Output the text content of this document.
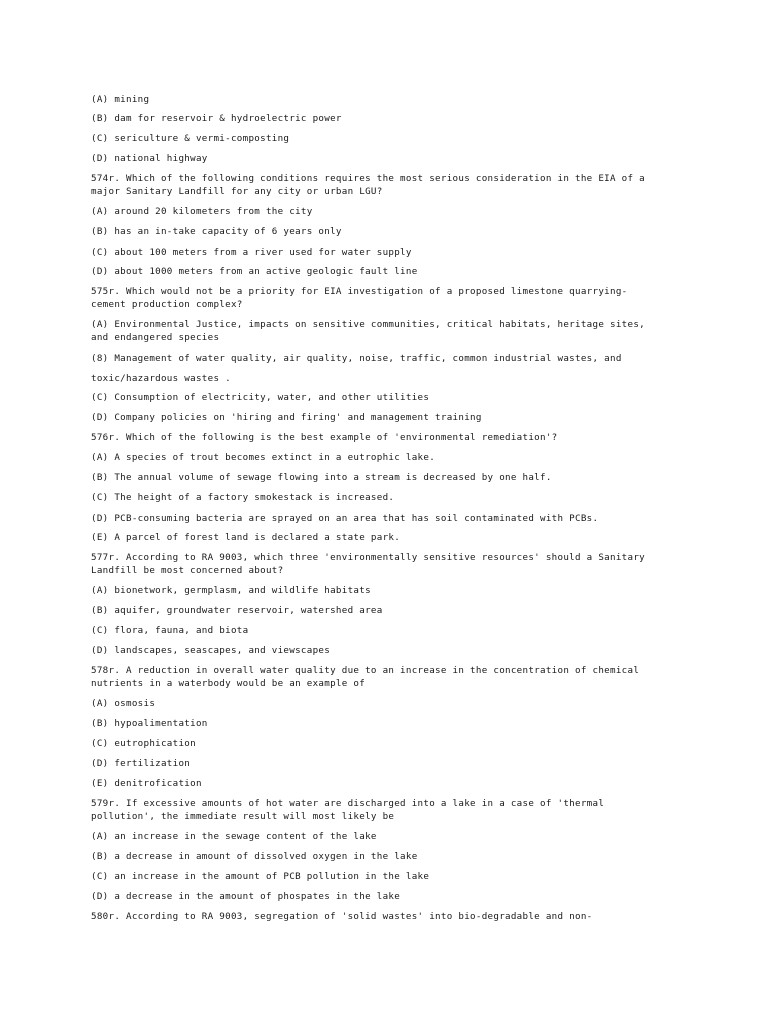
(A) mining

(B) dam for reservoir & hydroelectric power

(C) sericulture & vermi-composting

(D) national highway

574r. Which of the following conditions requires the most serious consideration in the EIA of a

major Sanitary Landfill for any city or urban LGU?

(A) around 20 kilometers from the city

(B) has an in-take capacity of 6 years only

(C) about 100 meters from a river used for water supply

(D) about 1000 meters from an active geologic fault line

575r. Which would not be a priority for EIA investigation of a proposed limestone quarrying-

cement production complex?

(A) Environmental Justice, impacts on sensitive communities, critical habitats, heritage sites,

and endangered species

(8) Management of water quality, air quality, noise, traffic, common industrial wastes, and

toxic/hazardous wastes .

(C) Consumption of electricity, water, and other utilities

(D) Company policies on 'hiring and firing' and management training

576r. Which of the following is the best example of 'environmental remediation'?

(A) A species of trout becomes extinct in a eutrophic lake.

(B) The annual volume of sewage flowing into a stream is decreased by one half.

(C) The height of a factory smokestack is increased.

(D) PCB-consuming bacteria are sprayed on an area that has soil contaminated with PCBs.

(E) A parcel of forest land is declared a state park.

577r. According to RA 9003, which three 'environmentally sensitive resources' should a Sanitary

Landfill be most concerned about?

(A) bionetwork, germplasm, and wildlife habitats

(B) aquifer, groundwater reservoir, watershed area

(C) flora, fauna, and biota

(D) landscapes, seascapes, and viewscapes

578r. A reduction in overall water quality due to an increase in the concentration of chemical

nutrients in a waterbody would be an example of

(A) osmosis

(B) hypoalimentation

(C) eutrophication

(D) fertilization

(E) denitrofication

579r. If excessive amounts of hot water are discharged into a lake in a case of 'thermal

pollution', the immediate result will most likely be

(A) an increase in the sewage content of the lake

(B) a decrease in amount of dissolved oxygen in the lake

(C) an increase in the amount of PCB pollution in the lake

(D) a decrease in the amount of phospates in the lake

580r. According to RA 9003, segregation of 'solid wastes' into bio-degradable and non-
